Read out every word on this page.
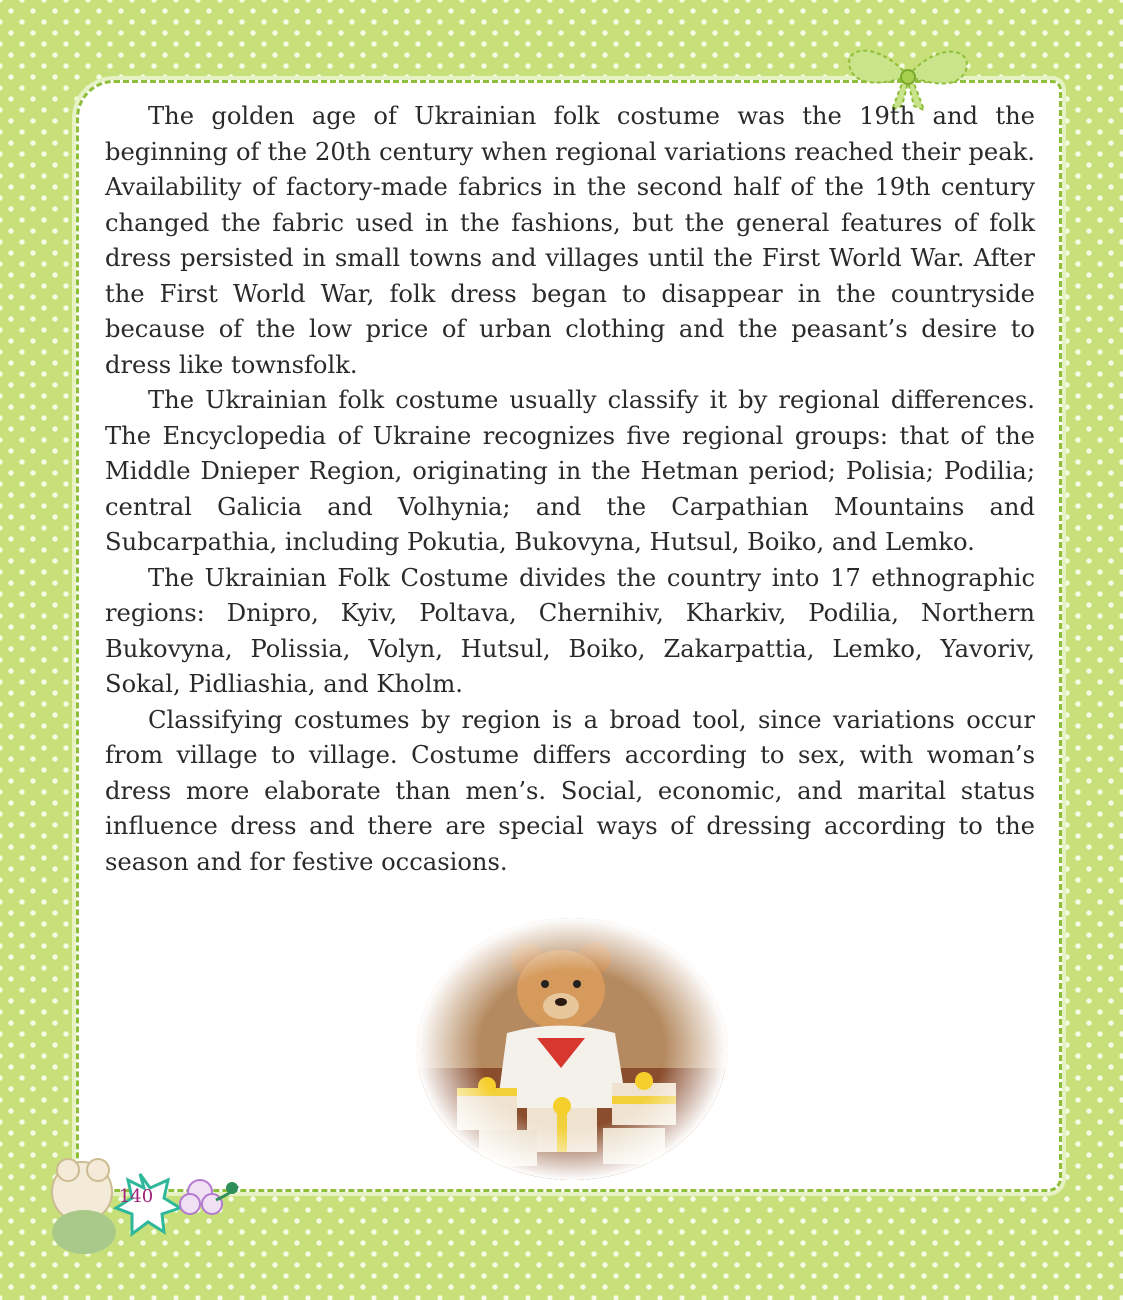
The golden age of Ukrainian folk costume was the 19th and the beginning of the 20th century when regional variations reached their peak. Availability of factory-made fabrics in the second half of the 19th century changed the fabric used in the fashions, but the general features of folk dress persisted in small towns and villages until the First World War. After the First World War, folk dress began to disappear in the countryside because of the low price of urban clothing and the peasant’s desire to dress like townsfolk.

The Ukrainian folk costume usually classify it by regional differences. The Encyclopedia of Ukraine recognizes five regional groups: that of the Middle Dnieper Region, originating in the Hetman period; Polisia; Podilia; central Galicia and Volhynia; and the Carpathian Mountains and Subcarpathia, including Pokutia, Bukovyna, Hutsul, Boiko, and Lemko.

The Ukrainian Folk Costume divides the country into 17 ethnographic regions: Dnipro, Kyiv, Poltava, Chernihiv, Kharkiv, Podilia, Northern Bukovyna, Polissia, Volyn, Hutsul, Boiko, Zakarpattia, Lemko, Yavoriv, Sokal, Pidliashia, and Kholm.

Classifying costumes by region is a broad tool, since variations occur from village to village. Costume differs according to sex, with woman’s dress more elaborate than men’s. Social, economic, and marital status influence dress and there are special ways of dressing according to the season and for festive occasions.

140
